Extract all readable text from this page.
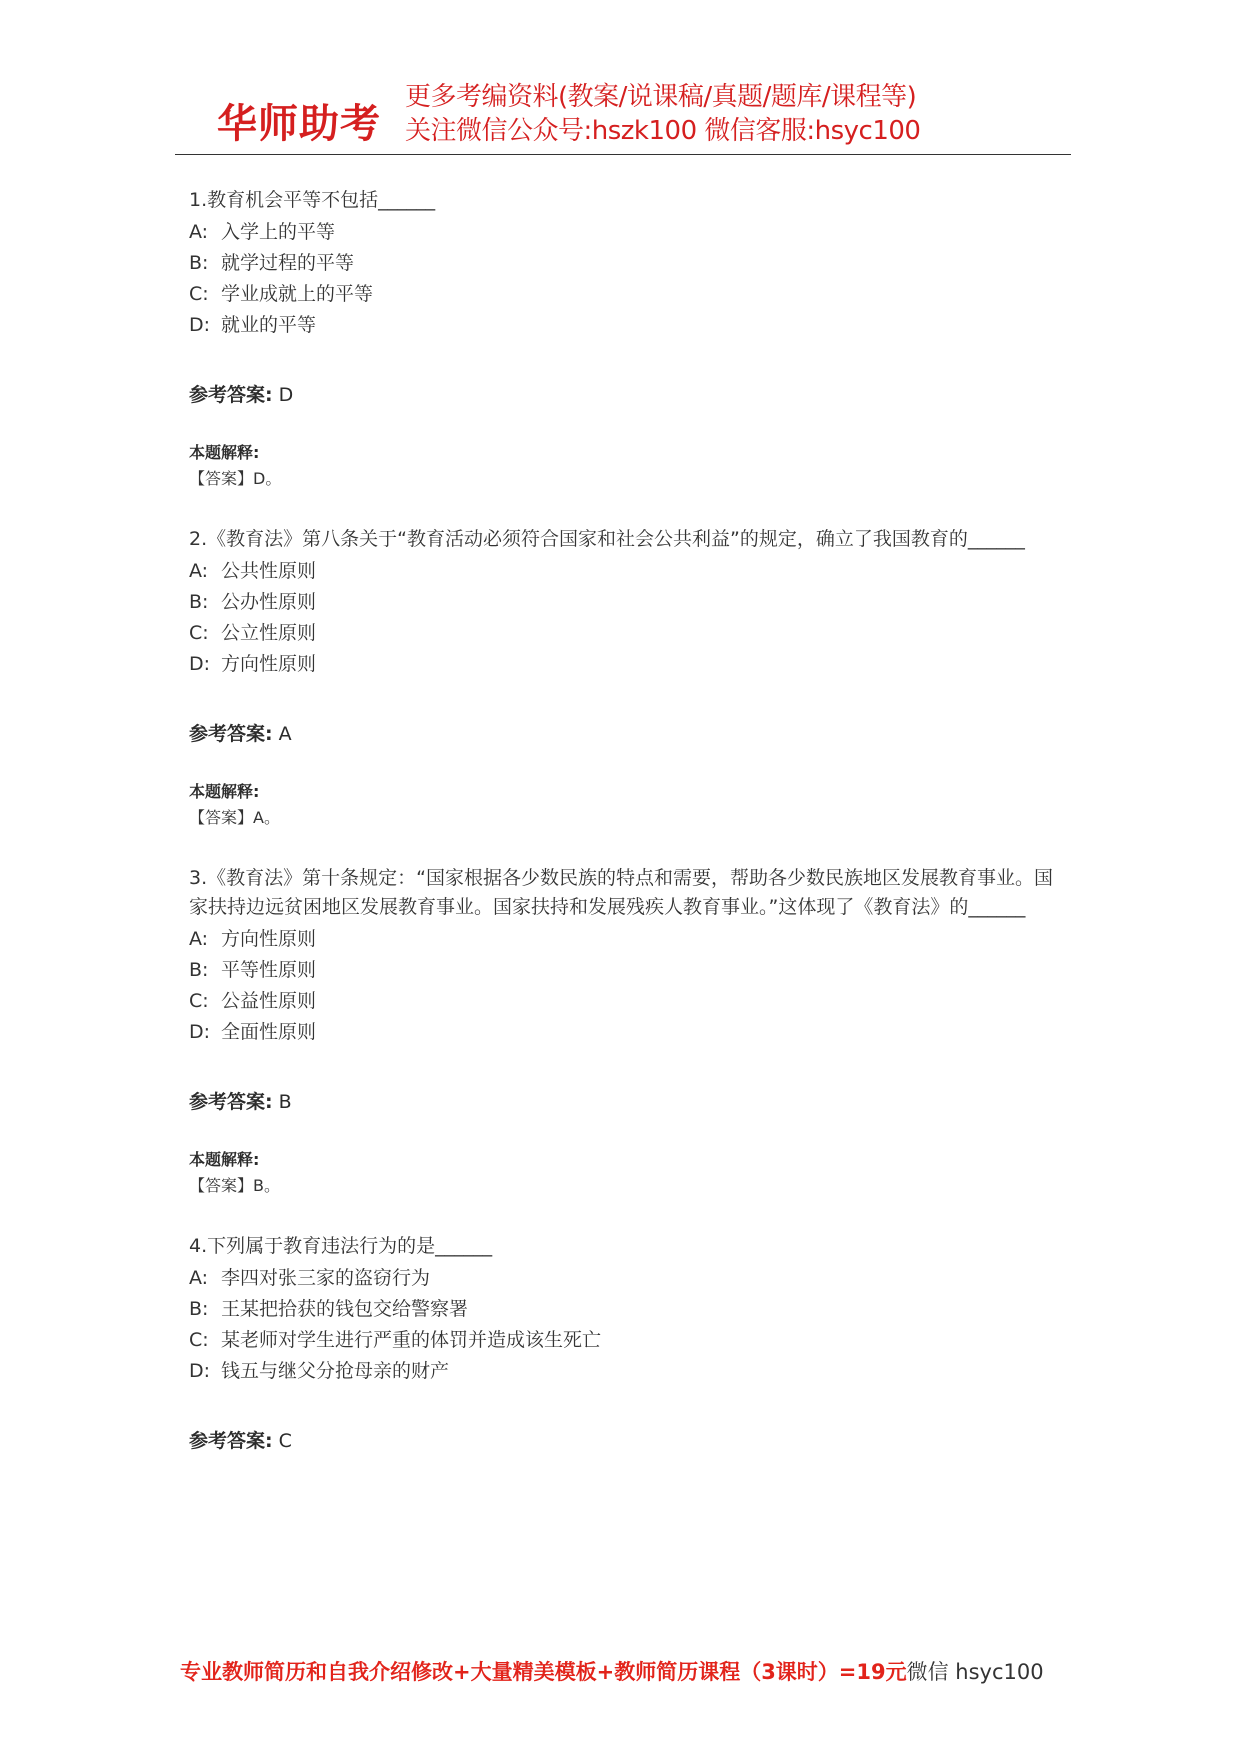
华师助考
更多考编资料(教案/说课稿/真题/题库/课程等)
关注微信公众号:hszk100 微信客服:hsyc100
1.教育机会平等不包括______
A: 入学上的平等
B: 就学过程的平等
C: 学业成就上的平等
D: 就业的平等
参考答案: D
本题解释:
【答案】D。
2.《教育法》第八条关于“教育活动必须符合国家和社会公共利益”的规定，确立了我国教育的______
A: 公共性原则
B: 公办性原则
C: 公立性原则
D: 方向性原则
参考答案: A
本题解释:
【答案】A。
3.《教育法》第十条规定：“国家根据各少数民族的特点和需要，帮助各少数民族地区发展教育事业。国家扶持边远贫困地区发展教育事业。国家扶持和发展残疾人教育事业。”这体现了《教育法》的______
A: 方向性原则
B: 平等性原则
C: 公益性原则
D: 全面性原则
参考答案: B
本题解释:
【答案】B。
4.下列属于教育违法行为的是______
A: 李四对张三家的盗窃行为
B: 王某把拾获的钱包交给警察署
C: 某老师对学生进行严重的体罚并造成该生死亡
D: 钱五与继父分抢母亲的财产
参考答案: C
专业教师简历和自我介绍修改+大量精美模板+教师简历课程（3课时）=19元微信 hsyc100
